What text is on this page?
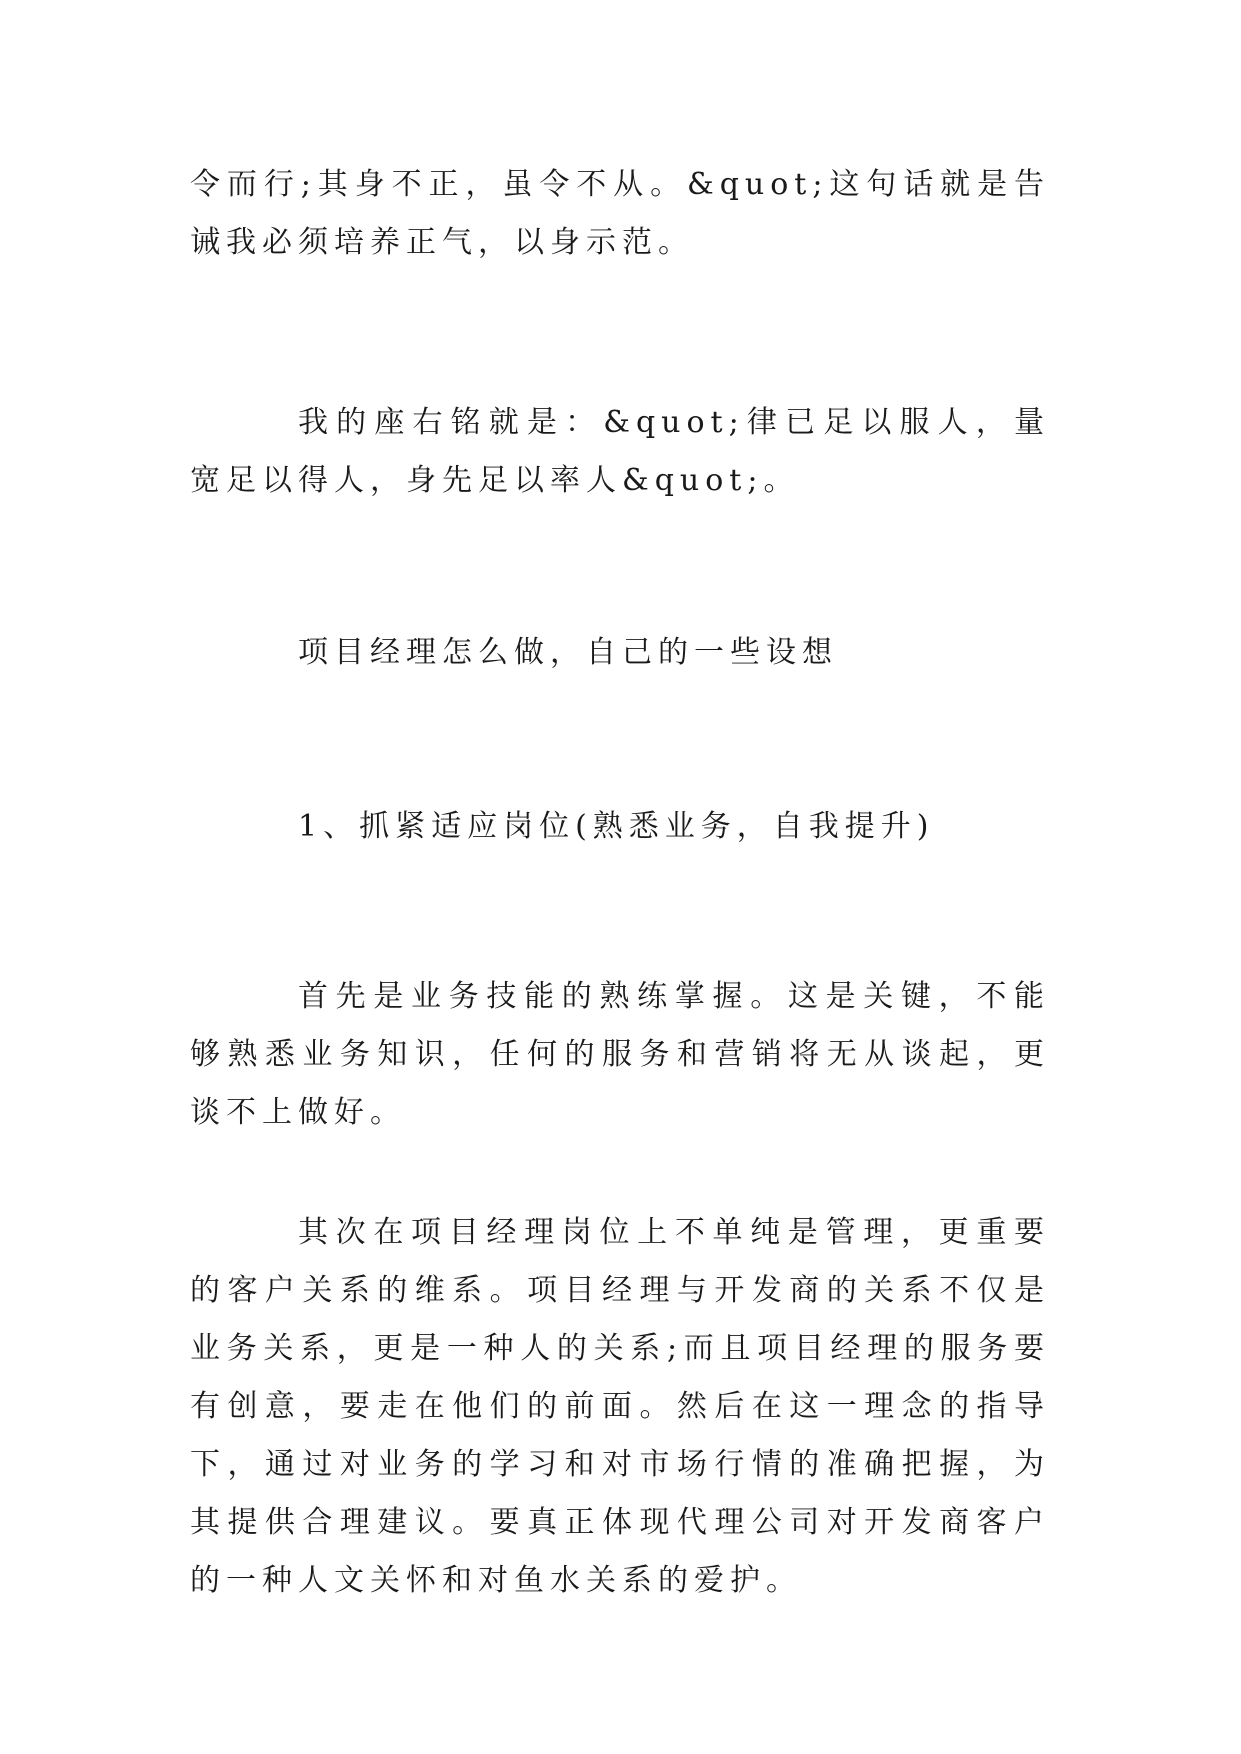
令而行;其身不正，虽令不从。&quot;这句话就是告诫我必须培养正气，以身示范。

我的座右铭就是：&quot;律已足以服人，量宽足以得人，身先足以率人&quot;。

项目经理怎么做，自己的一些设想

1、抓紧适应岗位(熟悉业务，自我提升)

首先是业务技能的熟练掌握。这是关键，不能够熟悉业务知识，任何的服务和营销将无从谈起，更谈不上做好。

其次在项目经理岗位上不单纯是管理，更重要的客户关系的维系。项目经理与开发商的关系不仅是业务关系，更是一种人的关系;而且项目经理的服务要有创意，要走在他们的前面。然后在这一理念的指导下，通过对业务的学习和对市场行情的准确把握，为其提供合理建议。要真正体现代理公司对开发商客户的一种人文关怀和对鱼水关系的爱护。
